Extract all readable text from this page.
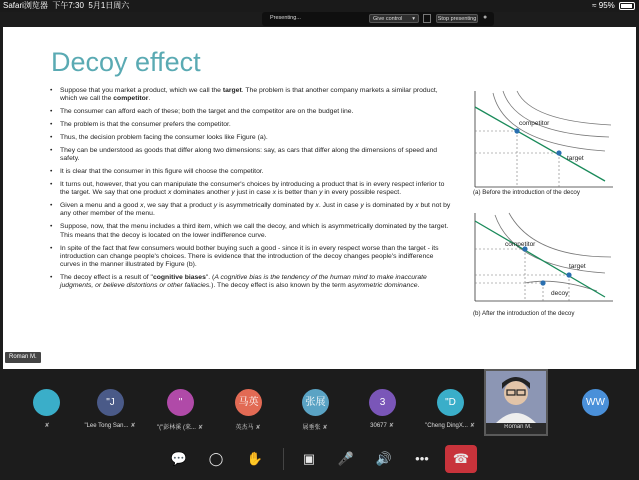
Safari浏览器 下午7:30 5月1日周六	≈ 95%
Presenting...	Give control ▾	Stop presenting ●
Decoy effect
• Suppose that you market a product, which we call the target. The problem is that another company markets a similar product, which we call the competitor.
• The consumer can afford each of these; both the target and the competitor are on the budget line.
• The problem is that the consumer prefers the competitor.
• Thus, the decision problem facing the consumer looks like Figure (a).
• They can be understood as goods that differ along two dimensions: say, as cars that differ along the dimensions of speed and safety.
• It is clear that the consumer in this figure will choose the competitor.
• It turns out, however, that you can manipulate the consumer's choices by introducing a product that is in every respect inferior to the target. We say that one product x dominates another y just in case x is better than y in every possible respect.
• Given a menu and a good x, we say that a product y is asymmetrically dominated by x. Just in case y is dominated by x but not by any other member of the menu.
• Suppose, now, that the menu includes a third item, which we call the decoy, and which is asymmetrically dominated by the target. This means that the decoy is located on the lower indifference curve.
• In spite of the fact that few consumers would bother buying such a good - since it is in every respect worse than the target - its introduction can change people's choices. There is evidence that the introduction of the decoy changes people's indifference curves in the manner illustrated by Figure (b).
• The decoy effect is a result of "cognitive biases". (A cognitive bias is the tendency of the human mind to make inaccurate judgments, or believe distortions or other fallacies.). The decoy effect is also known by the term asymmetric dominance.
competitor
target
(a) Before the introduction of the decoy
competitor
target
decoy
(b) After the introduction of the decoy
Roman M.
✘
"J
"Lee Tong San... ✘
"
"("彭林溪 (来... ✘
马英
英杰马 ✘
张展
展垂张 ✘
3
30677 ✘
"D
"Cheng DingX... ✘	Roman M.
WW
💬	◯	✋	▣	🎤	🔊	•••	☎
